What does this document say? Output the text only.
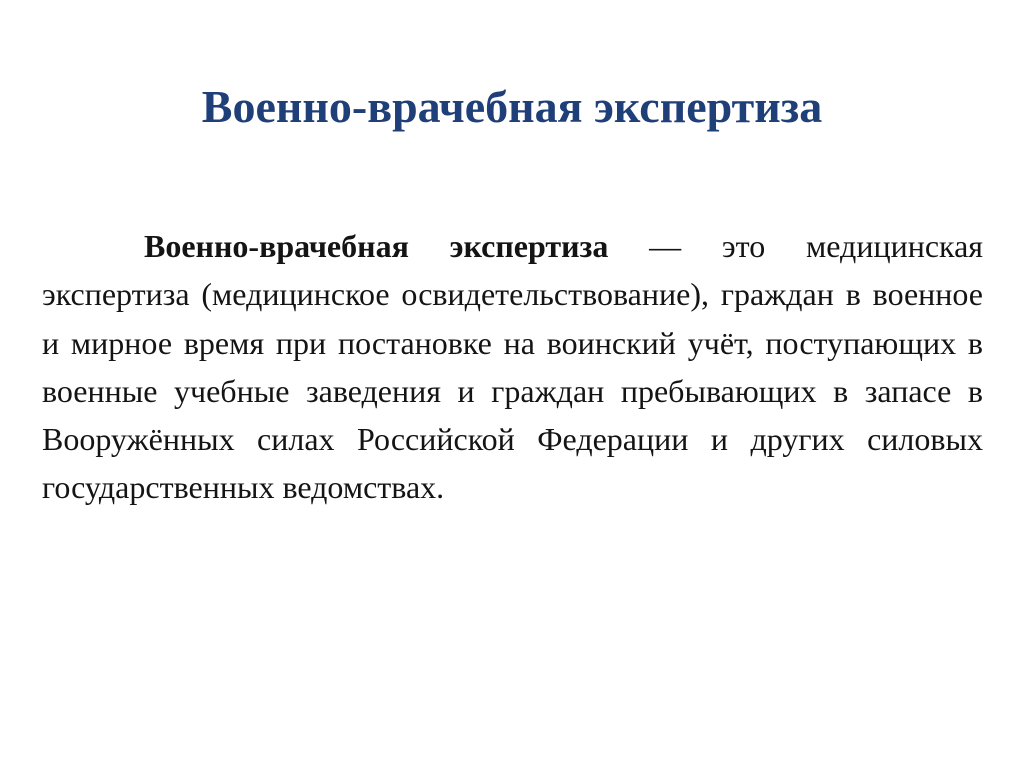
Военно-врачебная экспертиза

Военно-врачебная экспертиза — это медицинская экспертиза (медицинское освидетельствование), граждан в военное и мирное время при постановке на воинский учёт, поступающих в военные учебные заведения и граждан пребывающих в запасе в Вооружённых силах Российской Федерации и других силовых государственных ведомствах.
